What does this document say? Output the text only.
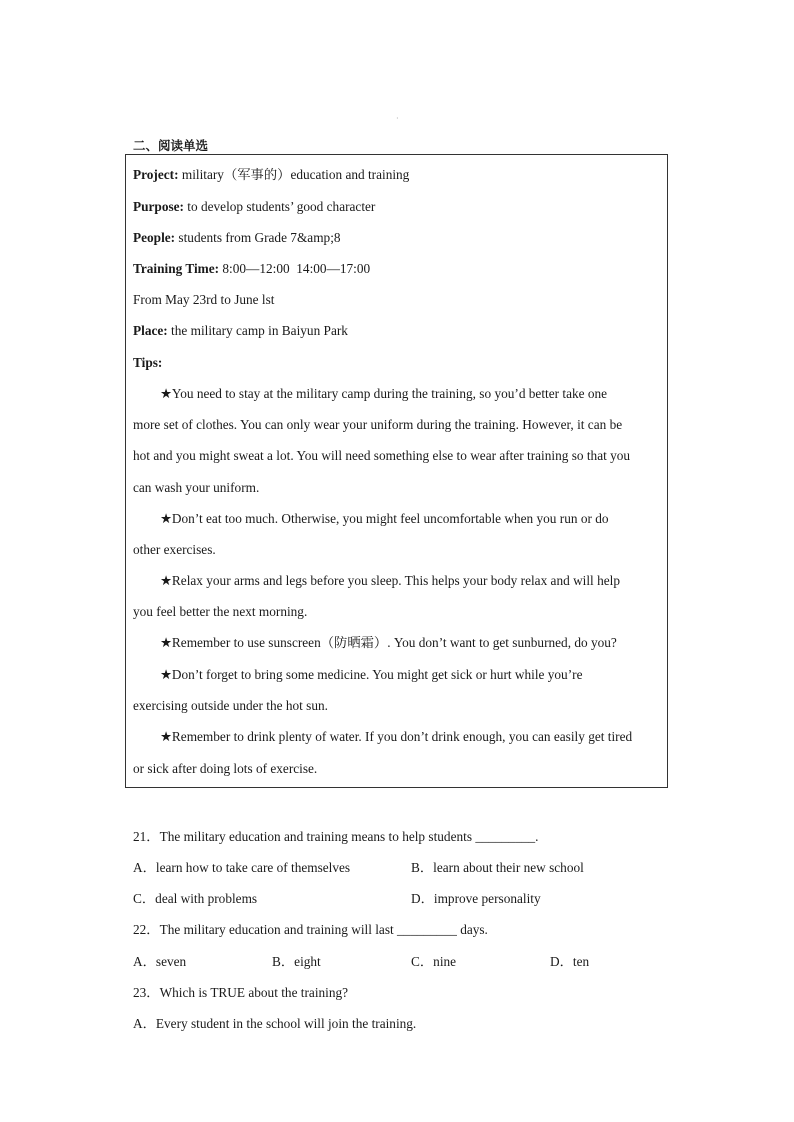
·
二、阅读单选
Project: military（军事的）education and training
Purpose: to develop students’ good character
People: students from Grade 7&amp;8
Training Time: 8:00—12:00  14:00—17:00
From May 23rd to June lst
Place: the military camp in Baiyun Park
Tips:
★You need to stay at the military camp during the training, so you’d better take one
more set of clothes. You can only wear your uniform during the training. However, it can be
hot and you might sweat a lot. You will need something else to wear after training so that you
can wash your uniform.
★Don’t eat too much. Otherwise, you might feel uncomfortable when you run or do
other exercises.
★Relax your arms and legs before you sleep. This helps your body relax and will help
you feel better the next morning.
★Remember to use sunscreen（防晒霜）. You don’t want to get sunburned, do you?
★Don’t forget to bring some medicine. You might get sick or hurt while you’re
exercising outside under the hot sun.
★Remember to drink plenty of water. If you don’t drink enough, you can easily get tired
or sick after doing lots of exercise.
21．The military education and training means to help students _________.
A．learn how to take care of themselves	B．learn about their new school
C．deal with problems	D．improve personality
22．The military education and training will last _________ days.
A．seven	B．eight	C．nine	D．ten
23．Which is TRUE about the training?
A．Every student in the school will join the training.
